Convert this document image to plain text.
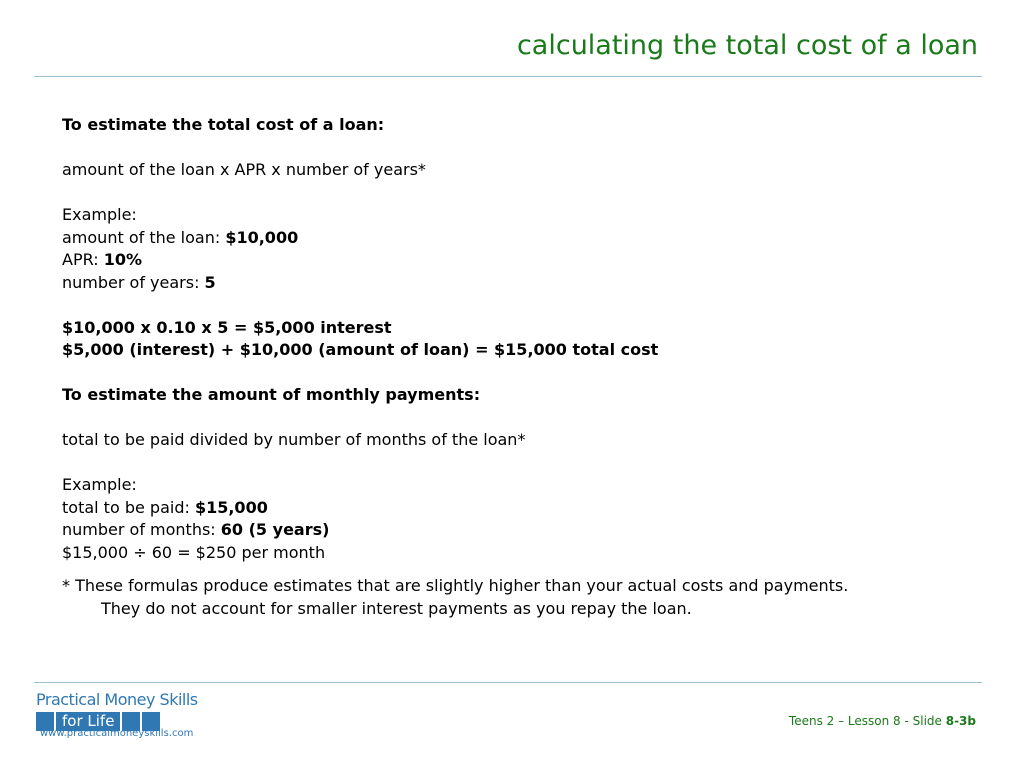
calculating the total cost of a loan

To estimate the total cost of a loan:

amount of the loan x APR x number of years*

Example:

amount of the loan: $10,000

APR: 10%

number of years: 5

$10,000 x 0.10 x 5 = $5,000 interest

$5,000 (interest) + $10,000 (amount of loan) = $15,000 total cost

To estimate the amount of monthly payments:

total to be paid divided by number of months of the loan*

Example:

total to be paid: $15,000

number of months: 60 (5 years)

$15,000 ÷ 60 = $250 per month

* These formulas produce estimates that are slightly higher than your actual costs and payments.

They do not account for smaller interest payments as you repay the loan.

Practical Money Skills
for Life
www.practicalmoneyskills.com
Teens 2 – Lesson 8 - Slide 8-3b
